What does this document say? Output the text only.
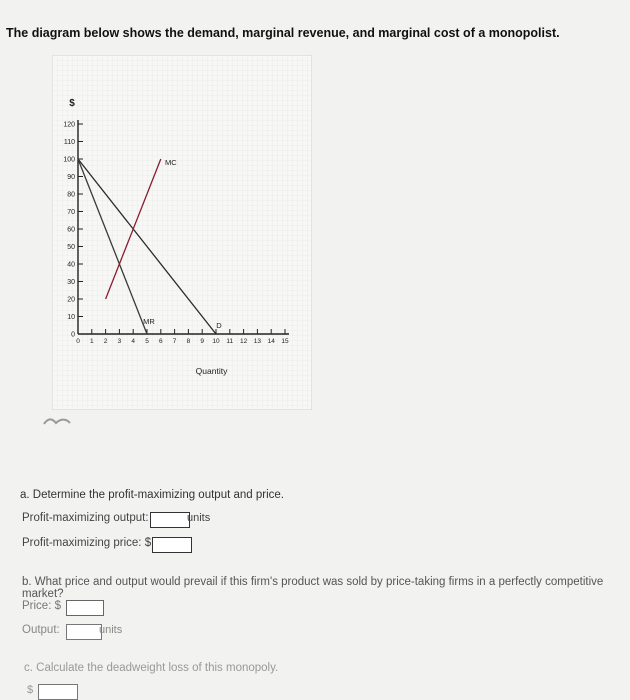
The diagram below shows the demand, marginal revenue, and marginal cost of a monopolist.
0
10
20
30
40
50
60
70
80
90
100
110
120
0 1 2 3 4 5 6 7 8 9 10 11 12 13 14 15
$
Quantity
D
MR
MC
a. Determine the profit-maximizing output and price.
Profit-maximizing output:	units
Profit-maximizing price: $
b. What price and output would prevail if this firm's product was sold by price-taking firms in a perfectly competitive market?
Price: $
Output:	units
c. Calculate the deadweight loss of this monopoly.
$
